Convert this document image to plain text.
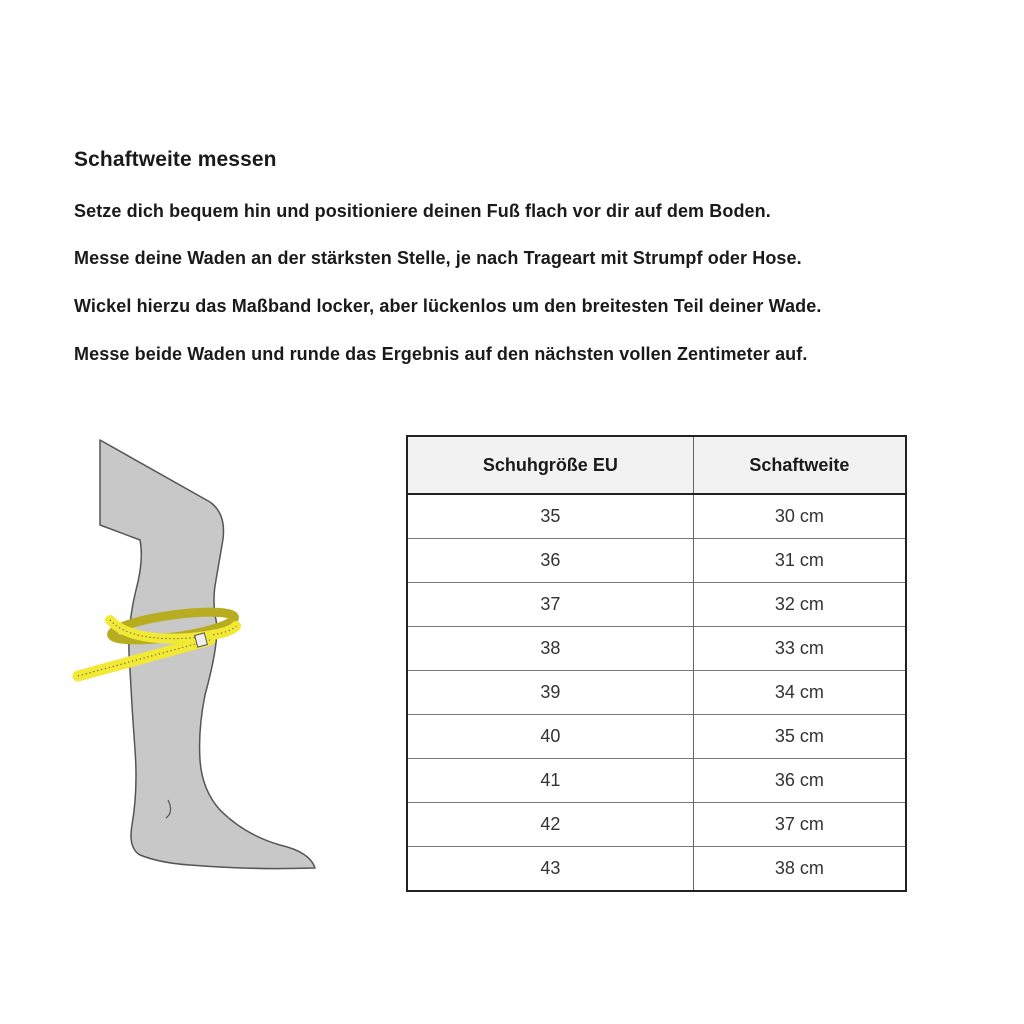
Schaftweite messen
Setze dich bequem hin und positioniere deinen Fuß flach vor dir auf dem Boden.
Messe deine Waden an der stärksten Stelle, je nach Trageart mit Strumpf oder Hose.
Wickel hierzu das Maßband locker, aber lückenlos um den breitesten Teil deiner Wade.
Messe beide Waden und runde das Ergebnis auf den nächsten vollen Zentimeter auf.
Schuhgröße EU	Schaftweite
35	30 cm
36	31 cm
37	32 cm
38	33 cm
39	34 cm
40	35 cm
41	36 cm
42	37 cm
43	38 cm
